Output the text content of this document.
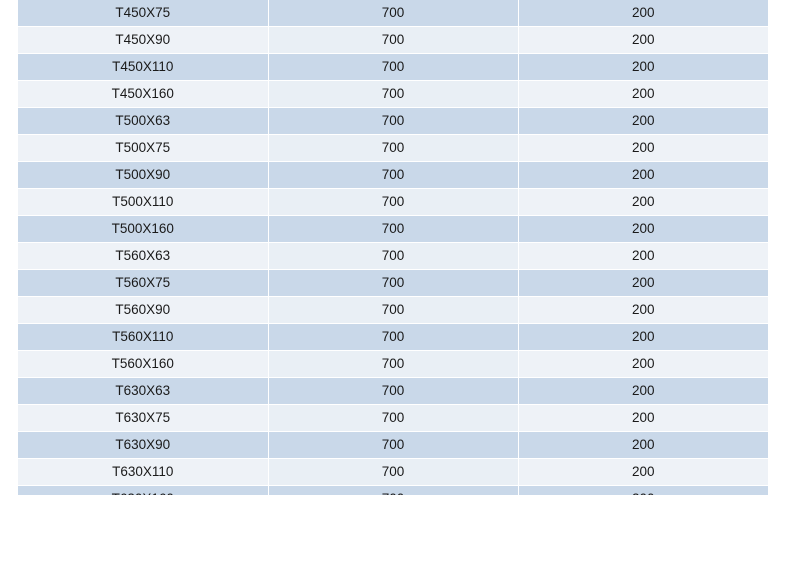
T450X75	700	200
T450X90	700	200
T450X110	700	200
T450X160	700	200
T500X63	700	200
T500X75	700	200
T500X90	700	200
T500X110	700	200
T500X160	700	200
T560X63	700	200
T560X75	700	200
T560X90	700	200
T560X110	700	200
T560X160	700	200
T630X63	700	200
T630X75	700	200
T630X90	700	200
T630X110	700	200
